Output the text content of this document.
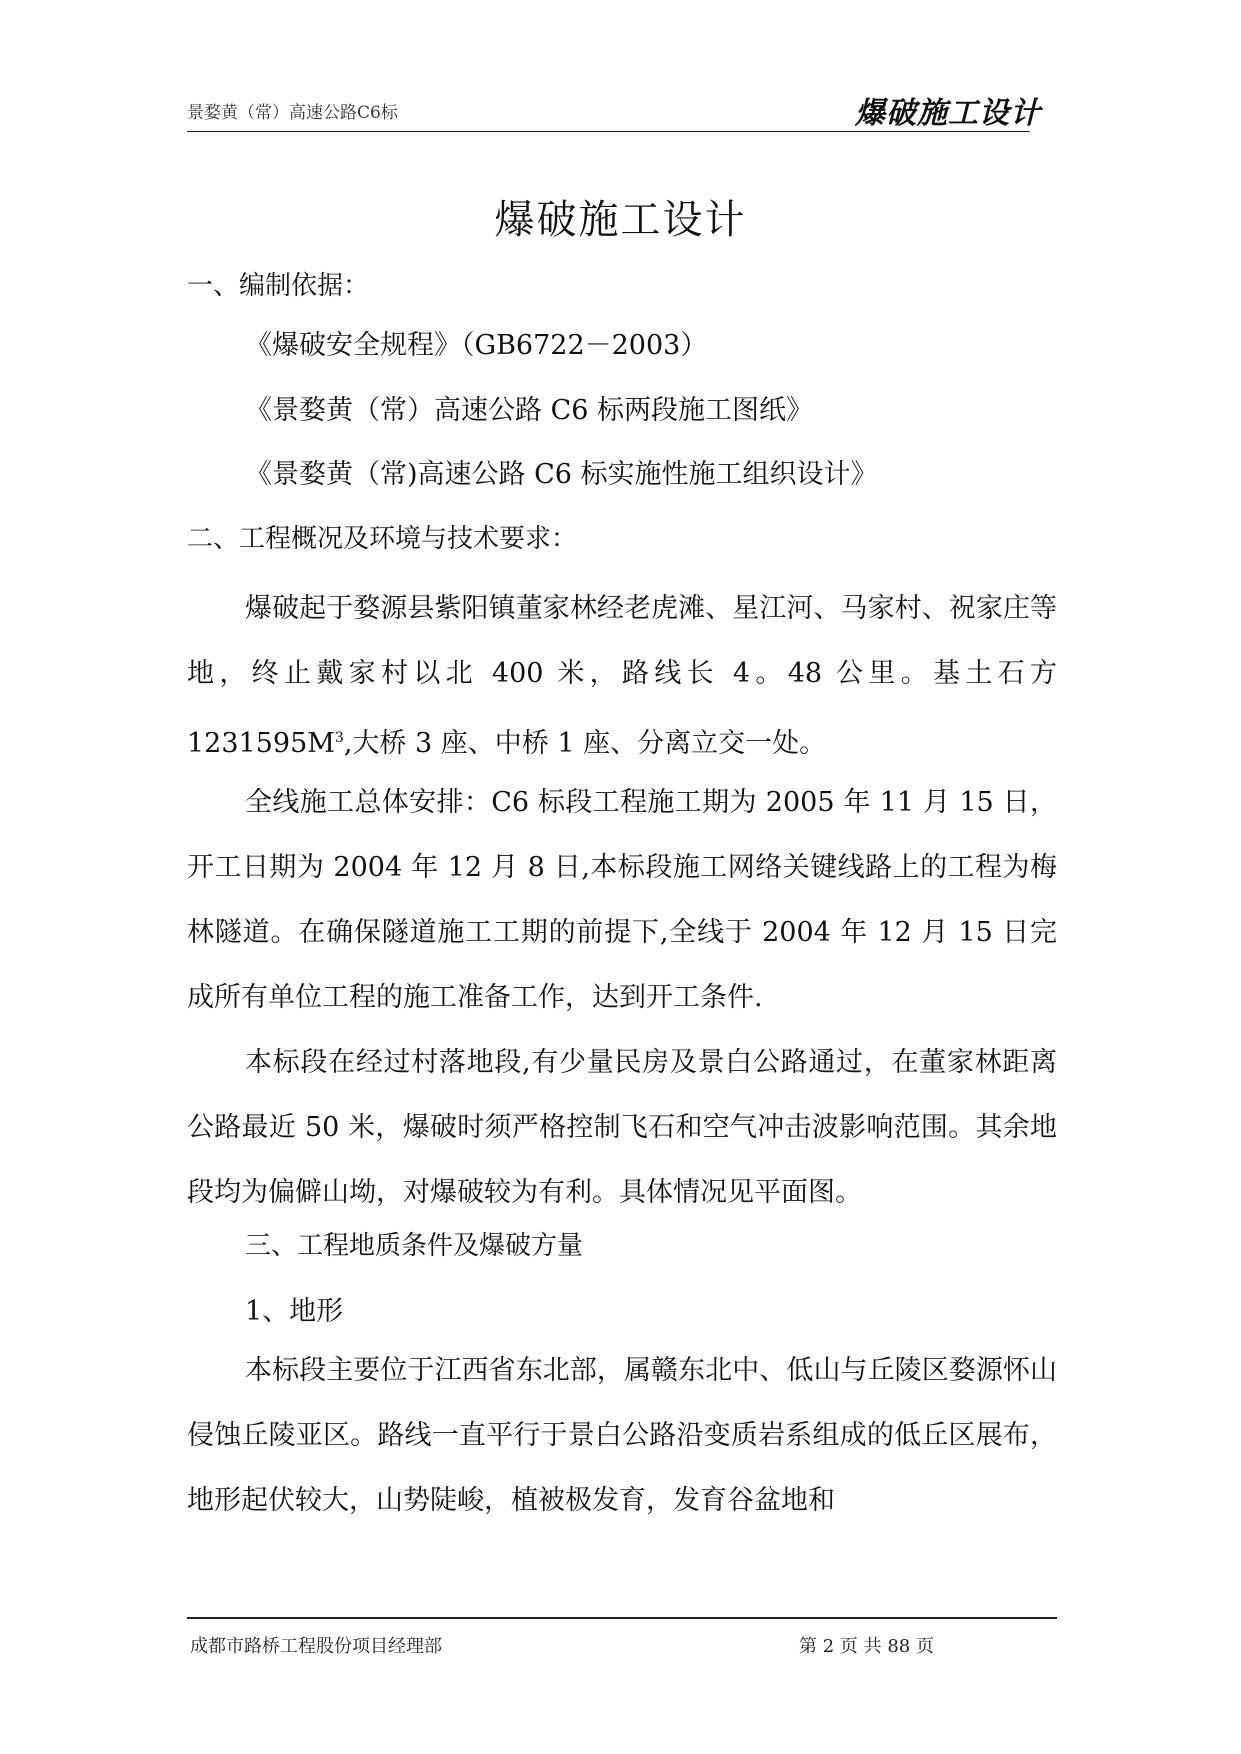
景婺黄（常）高速公路C6标	爆破施工设计
爆破施工设计
一、编制依据：
《爆破安全规程》（GB6722－2003）
《景婺黄（常）高速公路 C6 标两段施工图纸》
《景婺黄（常)高速公路 C6 标实施性施工组织设计》
二、工程概况及环境与技术要求：
爆破起于婺源县紫阳镇董家林经老虎滩、星江河、马家村、祝家庄等地，终止戴家村以北 400 米，路线长 4。48 公里。基土石方 $1231595M^3$,大桥 3 座、中桥 1 座、分离立交一处。
全线施工总体安排：C6 标段工程施工期为 2005 年 11 月 15 日，开工日期为 2004 年 12 月 8 日,本标段施工网络关键线路上的工程为梅林隧道。在确保隧道施工工期的前提下,全线于 2004 年 12 月 15 日完成所有单位工程的施工准备工作，达到开工条件.
本标段在经过村落地段,有少量民房及景白公路通过，在董家林距离公路最近 50 米，爆破时须严格控制飞石和空气冲击波影响范围。其余地段均为偏僻山坳，对爆破较为有利。具体情况见平面图。
三、工程地质条件及爆破方量
1、地形
本标段主要位于江西省东北部，属赣东北中、低山与丘陵区婺源怀山侵蚀丘陵亚区。路线一直平行于景白公路沿变质岩系组成的低丘区展布，地形起伏较大，山势陡峻，植被极发育，发育谷盆地和
成都市路桥工程股份项目经理部	第 2 页 共 88 页
